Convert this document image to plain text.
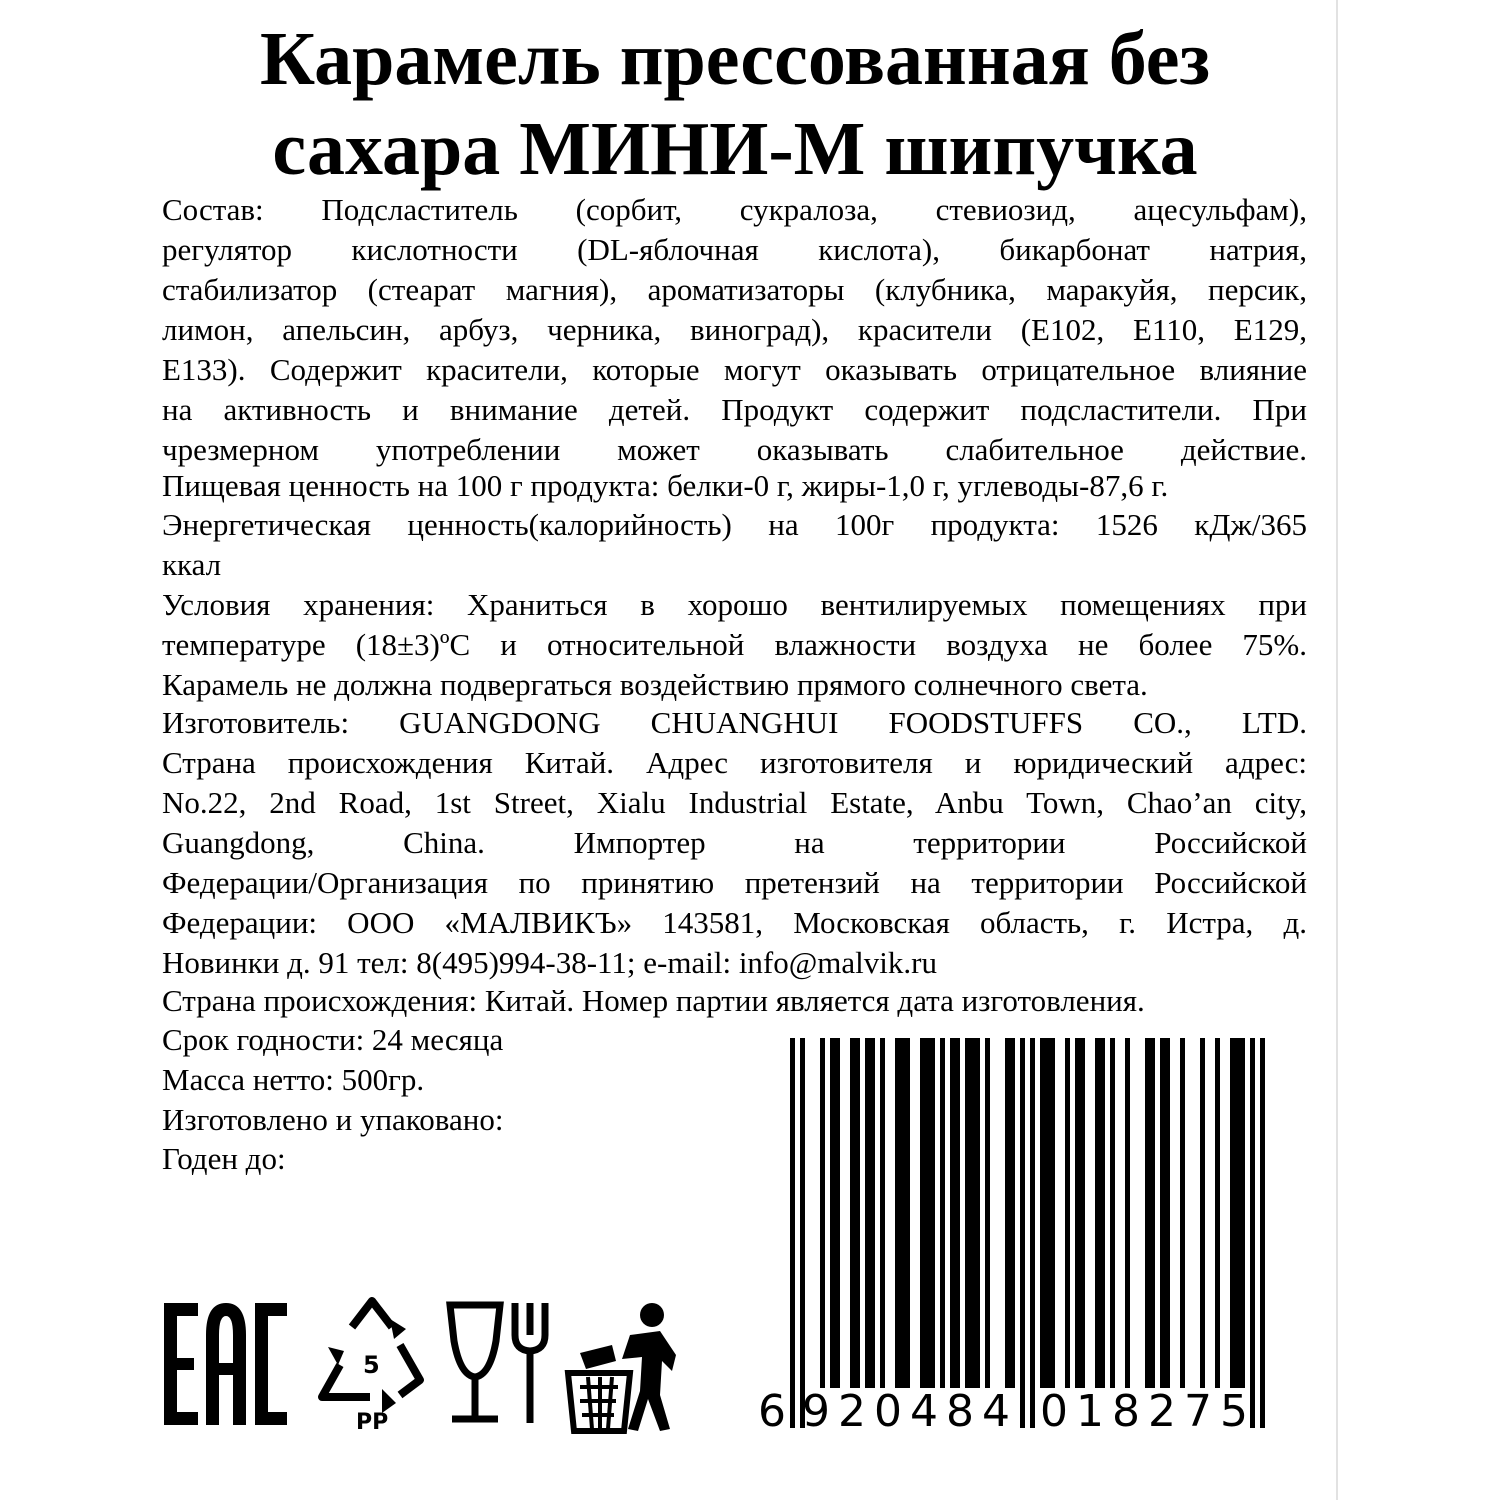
Карамель прессованная без
сахара МИНИ-М шипучка
Состав: Подсластитель (сорбит, сукралоза, стевиозид, ацесульфам),
регулятор кислотности (DL-яблочная кислота), бикарбонат натрия,
стабилизатор (стеарат магния), ароматизаторы (клубника, маракуйя, персик,
лимон, апельсин, арбуз, черника, виноград), красители (Е102, Е110, Е129,
Е133). Содержит красители, которые могут оказывать отрицательное влияние
на активность и внимание детей. Продукт содержит подсластители. При
чрезмерном употреблении может оказывать слабительное действие.
Пищевая ценность на 100 г продукта: белки-0 г, жиры-1,0 г, углеводы-87,6 г.
Энергетическая ценность(калорийность) на 100г продукта: 1526 кДж/365
ккал
Условия хранения: Храниться в хорошо вентилируемых помещениях при
температуре (18±3)ºС и относительной влажности воздуха не более 75%.
Карамель не должна подвергаться воздействию прямого солнечного света.
Изготовитель: GUANGDONG CHUANGHUI FOODSTUFFS CO., LTD.
Страна происхождения Китай. Адрес изготовителя и юридический адрес:
No.22, 2nd Road, 1st Street, Xialu Industrial Estate, Anbu Town, Chao’an city,
Guangdong, China. Импортер на территории Российской
Федерации/Организация по принятию претензий на территории Российской
Федерации: ООО «МАЛВИКЪ» 143581, Московская область, г. Истра, д.
Новинки д. 91 тел: 8(495)994-38-11; e-mail: info@malvik.ru
Страна происхождения: Китай. Номер партии является дата изготовления.
Срок годности: 24 месяца
Масса нетто: 500гр.
Изготовлено и упаковано:
Годен до:
6 920484 018275
5
PP
